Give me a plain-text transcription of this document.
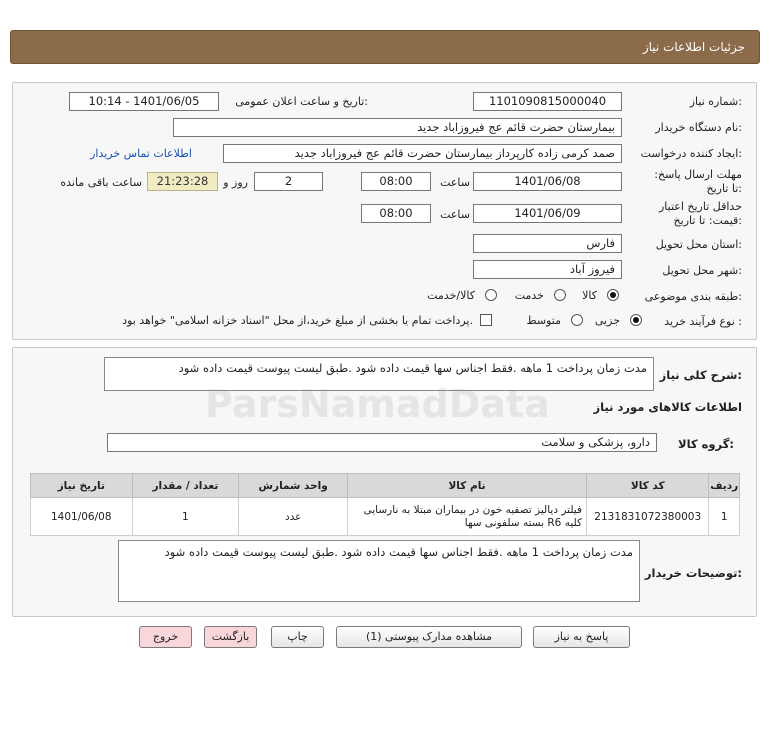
جزئیات اطلاعات نیاز
شماره نیاز:
1101090815000040
تاریخ و ساعت اعلان عمومی:
1401/06/05 - 10:14
نام دستگاه خریدار:
بیمارستان حضرت قائم عج فیروزاباد جدید
ایجاد کننده درخواست:
صمد کرمی زاده کارپرداز بیمارستان حضرت قائم عج فیروزاباد جدید
اطلاعات تماس خریدار
مهلت ارسال پاسخ: تا تاریخ:
1401/06/08
ساعت
08:00
2
روز و
21:23:28
ساعت باقی مانده
حداقل تاریخ اعتبار قیمت: تا تاریخ:
1401/06/09
ساعت
08:00
استان محل تحویل:
فارس
شهر محل تحویل:
فیروز آباد
طبقه بندی موضوعی:
کالا
خدمت
کالا/خدمت
نوع فرآیند خرید :
جزیی
متوسط
پرداخت تمام یا بخشی از مبلغ خرید،از محل "اسناد خزانه اسلامی" خواهد بود.
شرح کلی نیاز:
مدت زمان پرداخت 1 ماهه .فقط اجناس سها قیمت داده شود .طبق لیست پیوست قیمت داده شود
اطلاعات کالاهای مورد نیاز
گروه کالا:
دارو، پزشکی و سلامت
ردیف	کد کالا	نام کالا	واحد شمارش	تعداد / مقدار	تاریخ نیاز
1	2131831072380003	فیلتر دیالیز تصفیه خون در بیماران مبتلا به نارسایی کلیه R6 بسته سلفونی سها	عدد	1	1401/06/08
توضیحات خریدار:
مدت زمان پرداخت 1 ماهه .فقط اجناس سها قیمت داده شود .طبق لیست پیوست قیمت داده شود
پاسخ به نیاز
مشاهده مدارک پیوستی (1)
چاپ
بازگشت
خروج
